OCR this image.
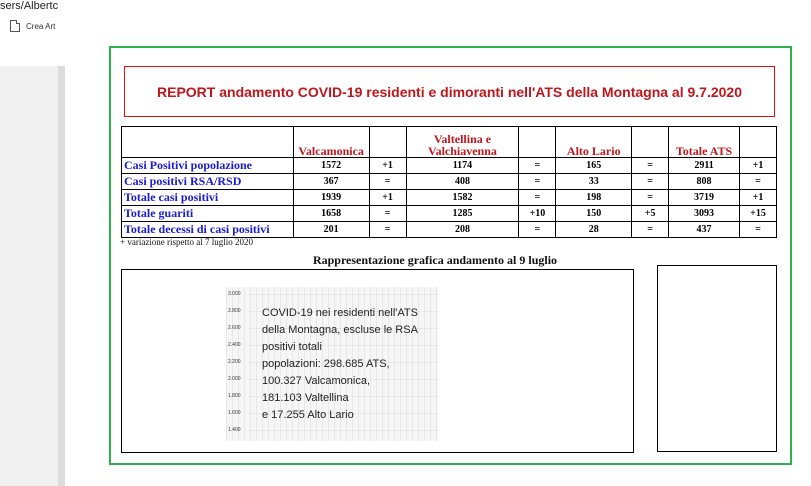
sers/Albertc
Crea Art
REPORT andamento COVID-19 residenti e dimoranti nell'ATS della Montagna al 9.7.2020
	Valcamonica		Valtellina e Valchiavenna		Alto Lario		Totale ATS	
Casi Positivi popolazione	1572	+1	1174	=	165	=	2911	+1
Casi positivi RSA/RSD	367	=	408	=	33	=	808	=
Totale casi positivi	1939	+1	1582	=	198	=	3719	+1
Totale guariti	1658	=	1285	+10	150	+5	3093	+15
Totale decessi di casi positivi	201	=	208	=	28	=	437	=
+ variazione rispetto al 7 luglio 2020
Rappresentazione grafica andamento al 9 luglio
3.000
2.800
2.600
2.400
2.200
2.000
1.800
1.600
1.400
COVID-19 nei residenti nell'ATS
della Montagna, escluse le RSA
positivi totali
popolazioni: 298.685 ATS,
100.327 Valcamonica,
181.103 Valtellina
e 17.255 Alto Lario
